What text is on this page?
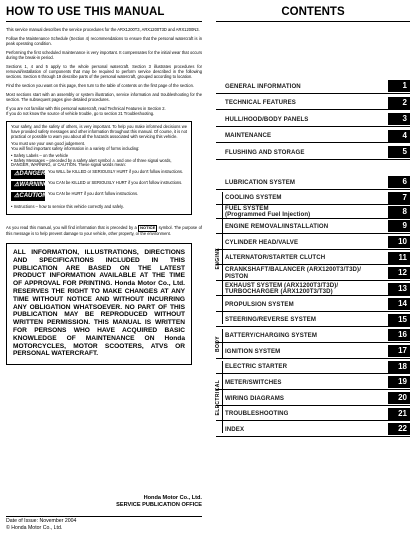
HOW TO USE THIS MANUAL

This service manual describes the service procedures for the ARX1200T3, ARX1200T3D and ARX1200N3.

Follow the Maintenance Schedule (Section 4) recommendations to ensure that the personal watercraft is in peak operating condition.

Performing the first scheduled maintenance is very important. It compensates for the initial wear that occurs during the break-in period.

Sections 1, 4 and 5 apply to the whole personal watercraft. Section 3 illustrates procedures for removal/installation of components that may be required to perform service described in the following sections. Section 6 through 19 describe parts of the personal watercraft, grouped according to location.

Find the section you want on this page, then turn to the table of contents on the first page of the section.

Most sections start with an assembly or system illustration, service information and troubleshooting for the section. The subsequent pages give detailed procedures.

If you are not familiar with this personal watercraft, read Technical Features in Section 2.

If you do not know the source of vehicle trouble, go to section 21 Troubleshooting.

Your safety, and the safety of others, is very important. To help you make informed decisions we have provided safety messages and other information throughout this manual. Of course, it is not practical or possible to warn you about all the hazards associated with servicing this vehicle.

You must use your own good judgement.

You will find important safety information in a variety of forms including:

• Safety Labels – on the vehicle

• Safety Messages – preceded by a safety alert symbol ⚠ and one of three signal words, DANGER, WARNING, or CAUTION. These signal words mean:

⚠DANGER You WILL be KILLED or SERIOUSLY HURT if you don't follow instructions.
⚠WARNING You CAN be KILLED or SERIOUSLY HURT if you don't follow instructions.
⚠CAUTION You CAN be HURT if you don't follow instructions.

• Instructions – how to service this vehicle correctly and safely.

As you read this manual, you will find information that is preceded by a NOTICE symbol. The purpose of this message is to help prevent damage to your vehicle, other property, or the environment.

ALL INFORMATION, ILLUSTRATIONS, DIRECTIONS AND SPECIFICATIONS INCLUDED IN THIS PUBLICATION ARE BASED ON THE LATEST PRODUCT INFORMATION AVAILABLE AT THE TIME OF APPROVAL FOR PRINTING. Honda Motor Co., Ltd. RESERVES THE RIGHT TO MAKE CHANGES AT ANY TIME WITHOUT NOTICE AND WITHOUT INCURRING ANY OBLIGATION WHATSOEVER. NO PART OF THIS PUBLICATION MAY BE REPRODUCED WITHOUT WRITTEN PERMISSION. THIS MANUAL IS WRITTEN FOR PERSONS WHO HAVE ACQUIRED BASIC KNOWLEDGE OF MAINTENANCE ON Honda MOTORCYCLES, MOTOR SCOOTERS, ATVS OR PERSONAL WATERCRAFT.

Honda Motor Co., Ltd.
SERVICE PUBLICATION OFFICE
Date of Issue: November 2004
© Honda Motor Co., Ltd.
CONTENTS
GENERAL INFORMATION	1
TECHNICAL FEATURES	2
HULL/HOOD/BODY PANELS	3
MAINTENANCE	4
FLUSHING AND STORAGE	5
LUBRICATION SYSTEM	6
COOLING SYSTEM	7
FUEL SYSTEM
(Programmed Fuel Injection)	8
ENGINE REMOVAL/INSTALLATION	9
CYLINDER HEAD/VALVE	10
ALTERNATOR/STARTER CLUTCH	11
CRANKSHAFT/BALANCER (ARX1200T3/T3D)/
PISTON	12
EXHAUST SYSTEM (ARX1200T3/T3D)/
TURBOCHARGER (ARX1200T3/T3D)	13
PROPULSION SYSTEM	14
STEERING/REVERSE SYSTEM	15
BATTERY/CHARGING SYSTEM	16
IGNITION SYSTEM	17
ELECTRIC STARTER	18
METER/SWITCHES	19
WIRING DIAGRAMS	20
TROUBLESHOOTING	21
INDEX	22
ENGINE
BODY
ELECTRICAL
